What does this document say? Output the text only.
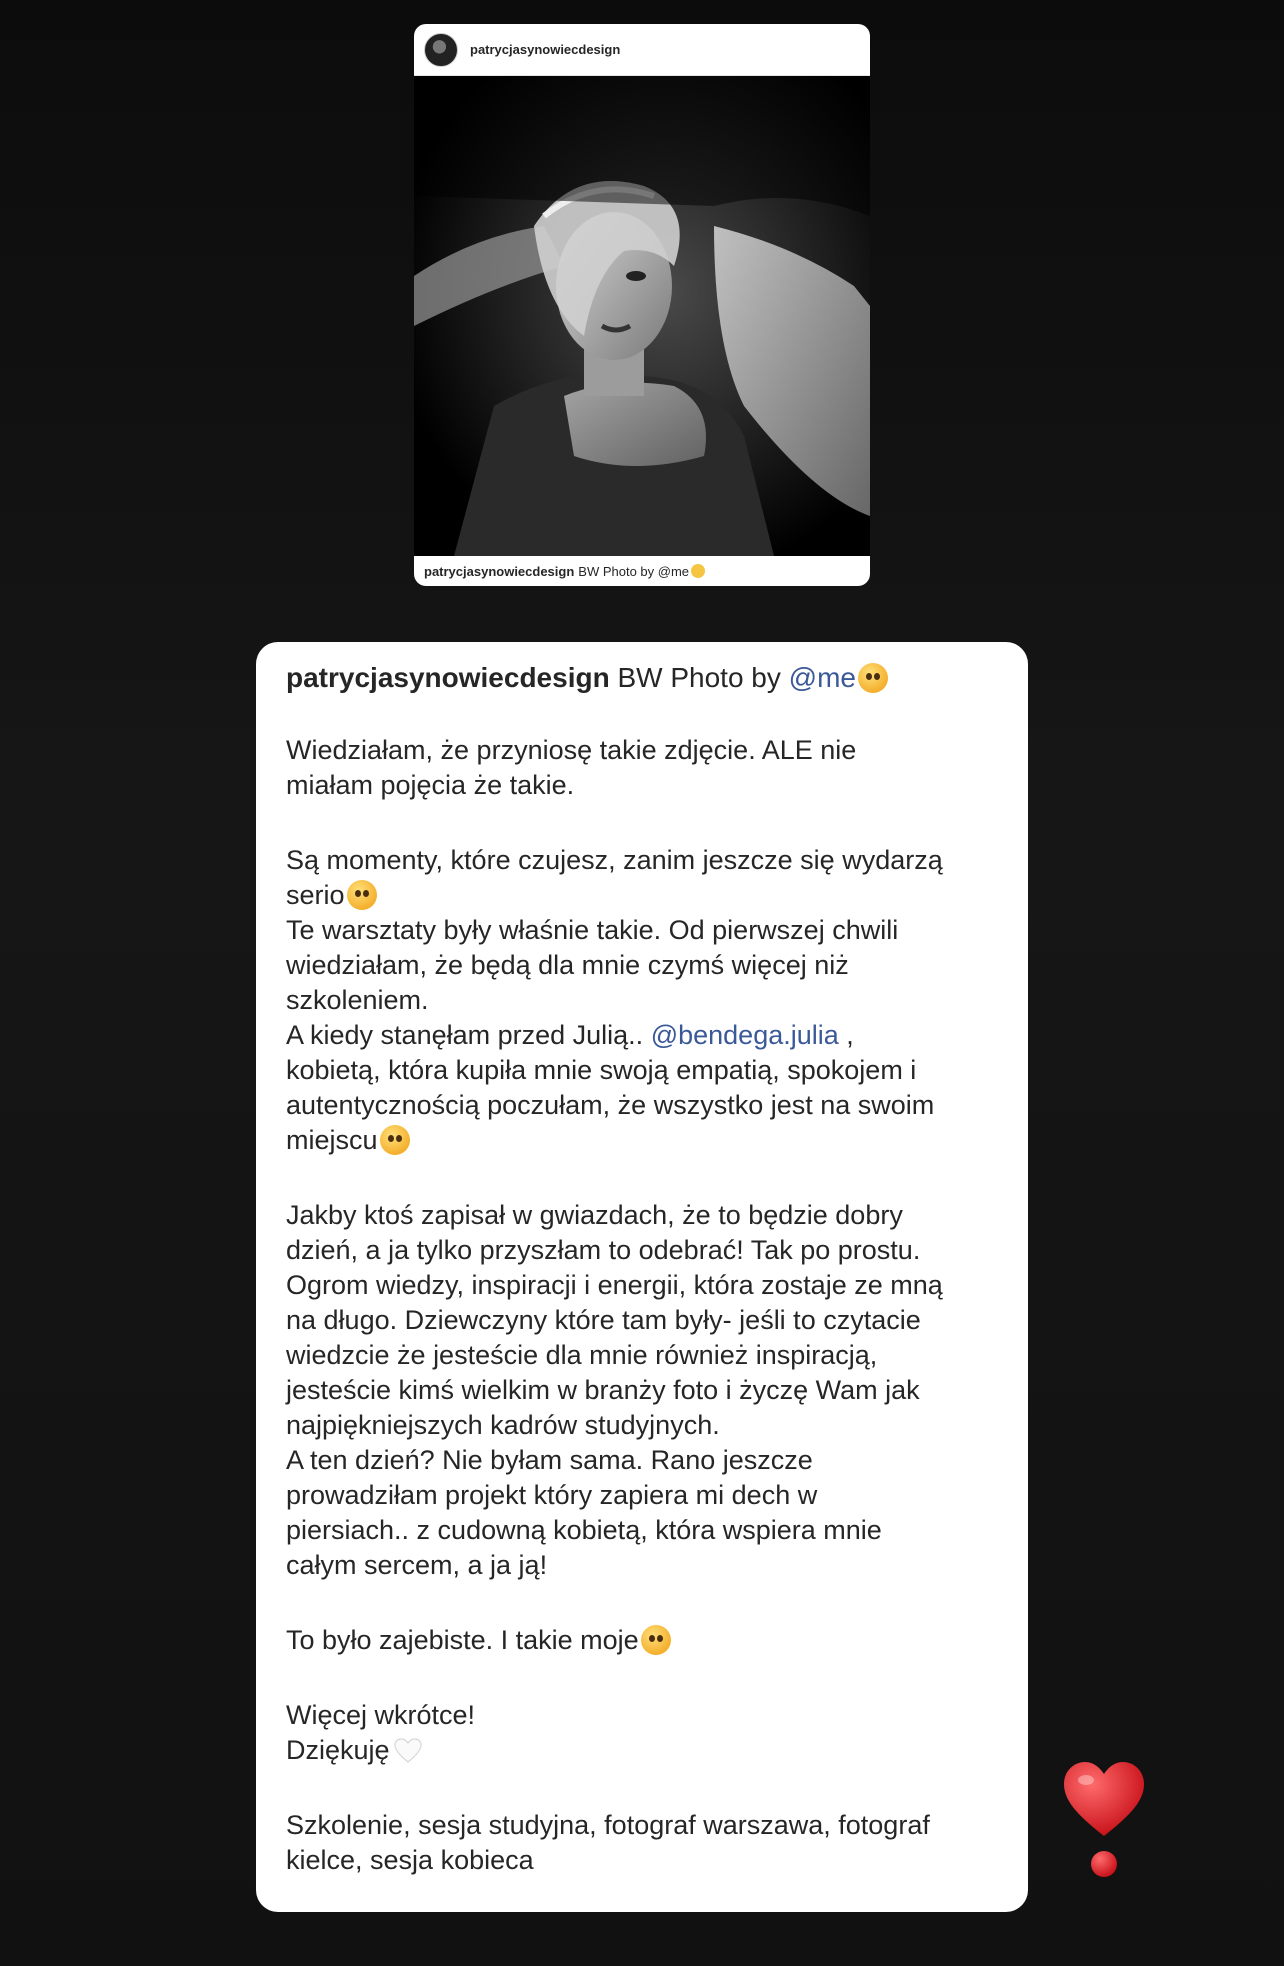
patrycjasynowiecdesign
patrycjasynowiecdesign BW Photo by @me
patrycjasynowiecdesign BW Photo by @me
Wiedziałam, że przyniosę takie zdjęcie. ALE nie
miałam pojęcia że takie.
Są momenty, które czujesz, zanim jeszcze się wydarzą
serio
Te warsztaty były właśnie takie. Od pierwszej chwili
wiedziałam, że będą dla mnie czymś więcej niż
szkoleniem.
A kiedy stanęłam przed Julią.. @bendega.julia ,
kobietą, która kupiła mnie swoją empatią, spokojem i
autentycznością poczułam, że wszystko jest na swoim
miejscu
Jakby ktoś zapisał w gwiazdach, że to będzie dobry
dzień, a ja tylko przyszłam to odebrać! Tak po prostu.
Ogrom wiedzy, inspiracji i energii, która zostaje ze mną
na długo. Dziewczyny które tam były- jeśli to czytacie
wiedzcie że jesteście dla mnie również inspiracją,
jesteście kimś wielkim w branży foto i życzę Wam jak
najpiękniejszych kadrów studyjnych.
A ten dzień? Nie byłam sama. Rano jeszcze
prowadziłam projekt który zapiera mi dech w
piersiach.. z cudowną kobietą, która wspiera mnie
całym sercem, a ja ją!
To było zajebiste. I takie moje
Więcej wkrótce!
Dziękuję
Szkolenie, sesja studyjna, fotograf warszawa, fotograf
kielce, sesja kobieca
